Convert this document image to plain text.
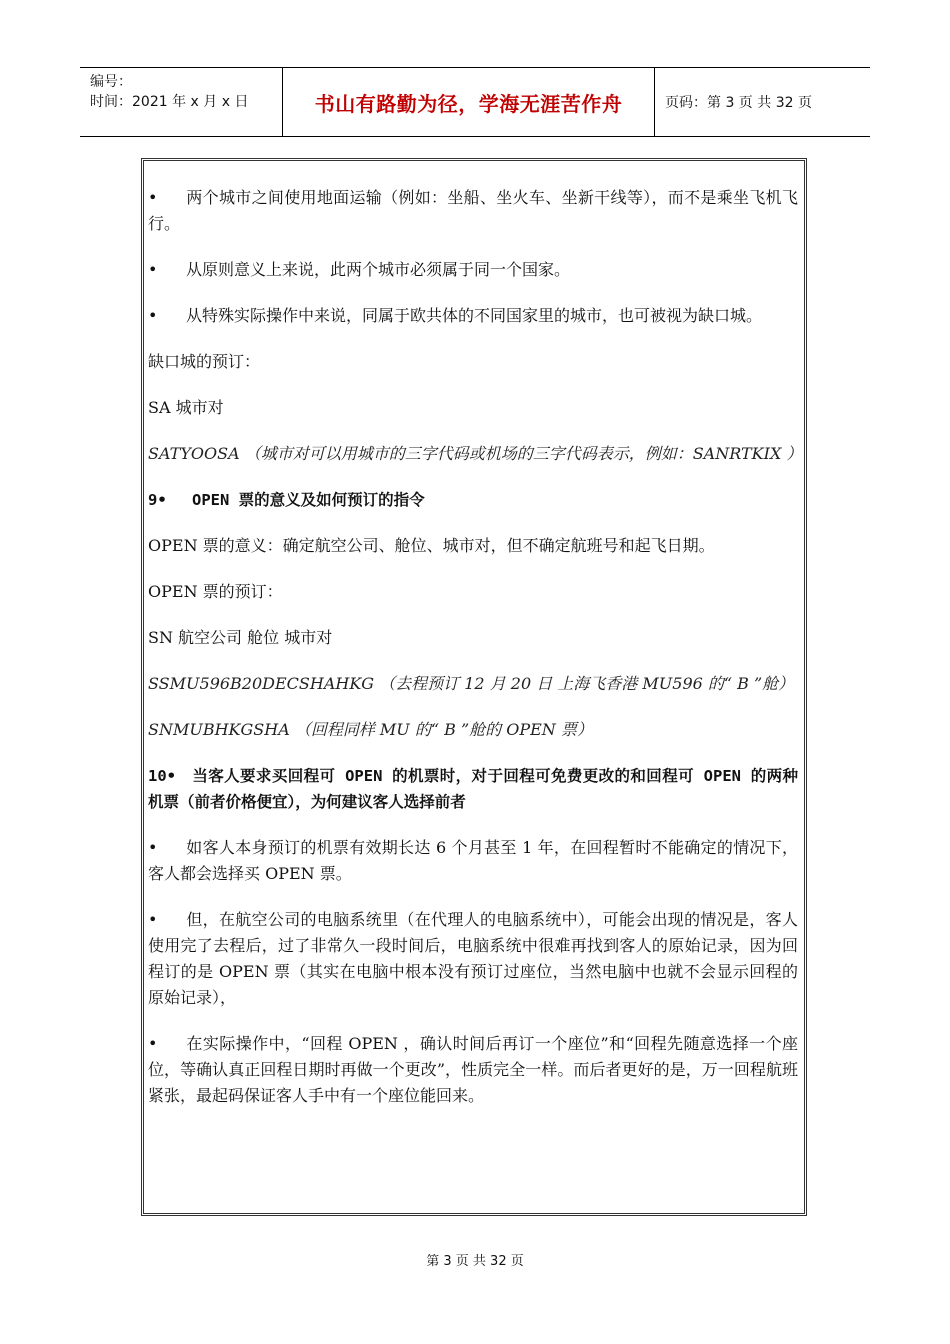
编号：
时间：2021 年 x 月 x 日	书山有路勤为径，学海无涯苦作舟	页码：第 3 页 共 32 页

• 两个城市之间使用地面运输（例如：坐船、坐火车、坐新干线等），而不是乘坐飞机飞行。

• 从原则意义上来说，此两个城市必须属于同一个国家。

• 从特殊实际操作中来说，同属于欧共体的不同国家里的城市，也可被视为缺口城。

缺口城的预订：

SA 城市对

SATYOOSA （城市对可以用城市的三字代码或机场的三字代码表示，例如：SANRTKIX ）

9• OPEN 票的意义及如何预订的指令

OPEN 票的意义：确定航空公司、舱位、城市对，但不确定航班号和起飞日期。

OPEN 票的预订：

SN 航空公司 舱位 城市对

SSMU596B20DECSHAHKG （去程预订 12 月 20 日 上海飞香港 MU596 的“ B ”舱）

SNMUBHKGSHA （回程同样 MU 的“ B ”舱的 OPEN 票）

10• 当客人要求买回程可 OPEN 的机票时，对于回程可免费更改的和回程可 OPEN 的两种机票（前者价格便宜），为何建议客人选择前者

• 如客人本身预订的机票有效期长达 6 个月甚至 1 年，在回程暂时不能确定的情况下，客人都会选择买 OPEN 票。

• 但，在航空公司的电脑系统里（在代理人的电脑系统中），可能会出现的情况是，客人使用完了去程后，过了非常久一段时间后，电脑系统中很难再找到客人的原始记录，因为回程订的是 OPEN 票（其实在电脑中根本没有预订过座位，当然电脑中也就不会显示回程的原始记录），

• 在实际操作中，“回程 OPEN ，确认时间后再订一个座位”和“回程先随意选择一个座位，等确认真正回程日期时再做一个更改”，性质完全一样。而后者更好的是，万一回程航班紧张，最起码保证客人手中有一个座位能回来。

第 3 页 共 32 页
